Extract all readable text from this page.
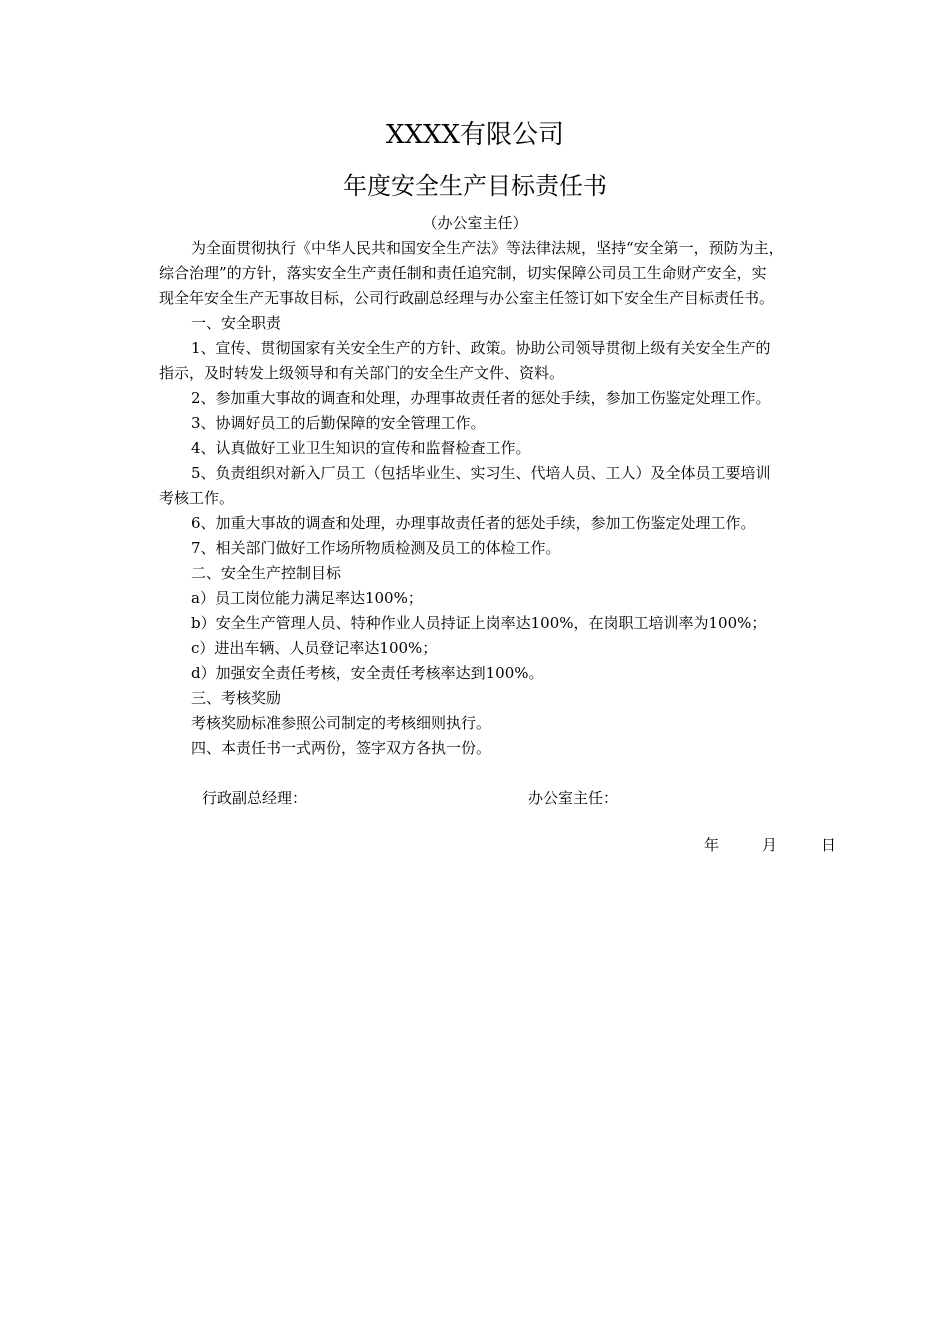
XXXX有限公司
年度安全生产目标责任书
（办公室主任）
为全面贯彻执行《中华人民共和国安全生产法》等法律法规，坚持“安全第一，预防为主，
综合治理”的方针，落实安全生产责任制和责任追究制，切实保障公司员工生命财产安全，实
现全年安全生产无事故目标，公司行政副总经理与办公室主任签订如下安全生产目标责任书。
一、安全职责
1、宣传、贯彻国家有关安全生产的方针、政策。协助公司领导贯彻上级有关安全生产的
指示，及时转发上级领导和有关部门的安全生产文件、资料。
2、参加重大事故的调查和处理，办理事故责任者的惩处手续，参加工伤鉴定处理工作。
3、协调好员工的后勤保障的安全管理工作。
4、认真做好工业卫生知识的宣传和监督检查工作。
5、负责组织对新入厂员工（包括毕业生、实习生、代培人员、工人）及全体员工要培训
考核工作。
6、加重大事故的调查和处理，办理事故责任者的惩处手续，参加工伤鉴定处理工作。
7、相关部门做好工作场所物质检测及员工的体检工作。
二、安全生产控制目标
a）员工岗位能力满足率达100%；
b）安全生产管理人员、特种作业人员持证上岗率达100%，在岗职工培训率为100%；
c）进出车辆、人员登记率达100%；
d）加强安全责任考核，安全责任考核率达到100%。
三、考核奖励
考核奖励标准参照公司制定的考核细则执行。
四、本责任书一式两份，签字双方各执一份。
行政副总经理：	办公室主任：
年	月	日
